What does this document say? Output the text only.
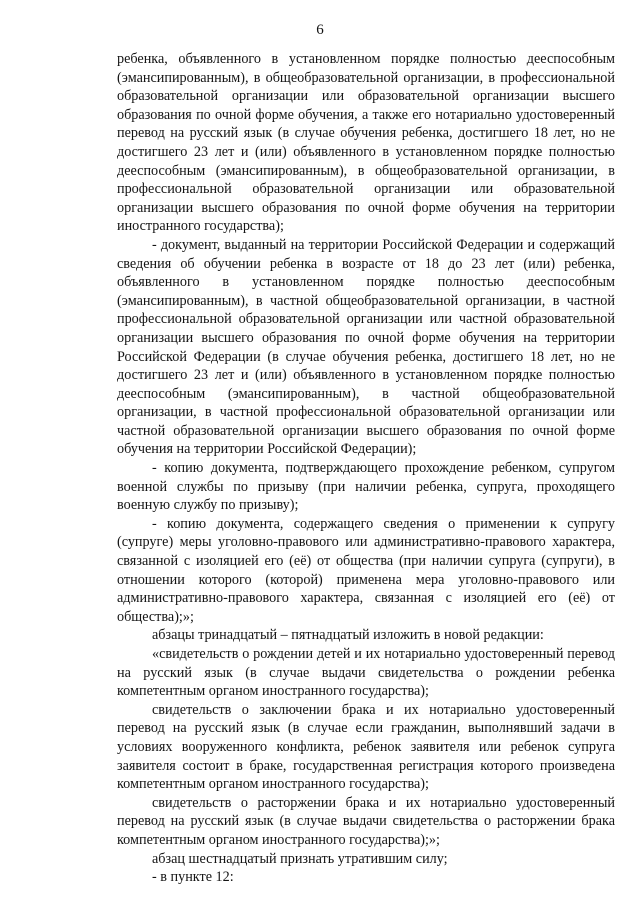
6

ребенка, объявленного в установленном порядке полностью дееспособным (эмансипированным), в общеобразовательной организации, в профессиональной образовательной организации или образовательной организации высшего образования по очной форме обучения, а также его нотариально удостоверенный перевод на русский язык (в случае обучения ребенка, достигшего 18 лет, но не достигшего 23 лет и (или) объявленного в установленном порядке полностью дееспособным (эмансипированным), в общеобразовательной организации, в профессиональной образовательной организации или образовательной организации высшего образования по очной форме обучения на территории иностранного государства);

- документ, выданный на территории Российской Федерации и содержащий сведения об обучении ребенка в возрасте от 18 до 23 лет (или) ребенка, объявленного в установленном порядке полностью дееспособным (эмансипированным), в частной общеобразовательной организации, в частной профессиональной образовательной организации или частной образовательной организации высшего образования по очной форме обучения на территории Российской Федерации (в случае обучения ребенка, достигшего 18 лет, но не достигшего 23 лет и (или) объявленного в установленном порядке полностью дееспособным (эмансипированным), в частной общеобразовательной организации, в частной профессиональной образовательной организации или частной образовательной организации высшего образования по очной форме обучения на территории Российской Федерации);

- копию документа, подтверждающего прохождение ребенком, супругом военной службы по призыву (при наличии ребенка, супруга, проходящего военную службу по призыву);

- копию документа, содержащего сведения о применении к супругу (супруге) меры уголовно-правового или административно-правового характера, связанной с изоляцией его (её) от общества (при наличии супруга (супруги), в отношении которого (которой) применена мера уголовно-правового или административно-правового характера, связанная с изоляцией его (её) от общества);»;

абзацы тринадцатый – пятнадцатый изложить в новой редакции:

«свидетельств о рождении детей и их нотариально удостоверенный перевод на русский язык (в случае выдачи свидетельства о рождении ребенка компетентным органом иностранного государства);

свидетельств о заключении брака и их нотариально удостоверенный перевод на русский язык (в случае если гражданин, выполнявший задачи в условиях вооруженного конфликта, ребенок заявителя или ребенок супруга заявителя состоит в браке, государственная регистрация которого произведена компетентным органом иностранного государства);

свидетельств о расторжении брака и их нотариально удостоверенный перевод на русский язык (в случае выдачи свидетельства о расторжении брака компетентным органом иностранного государства);»;

абзац шестнадцатый признать утратившим силу;

- в пункте 12:
